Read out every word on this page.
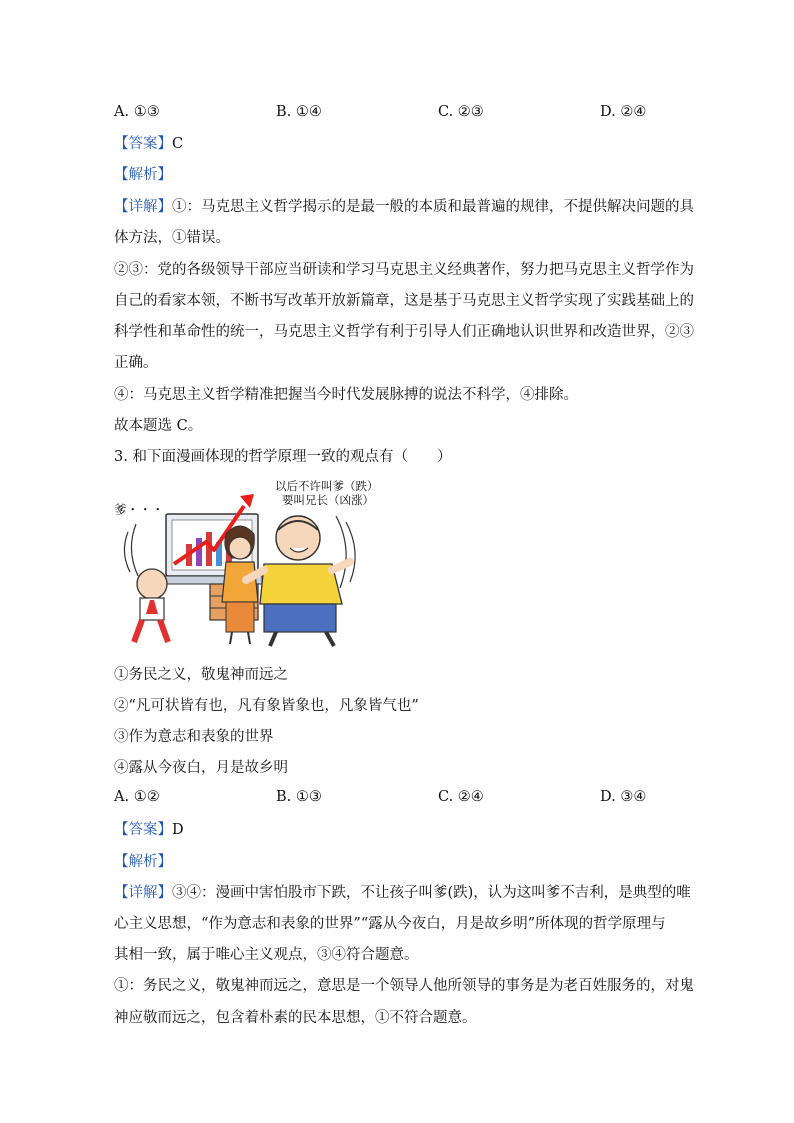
A. ①③	B. ①④	C. ②③	D. ②④
【答案】C
【解析】
【详解】①：马克思主义哲学揭示的是最一般的本质和最普遍的规律，不提供解决问题的具
体方法，①错误。
②③：党的各级领导干部应当研读和学习马克思主义经典著作，努力把马克思主义哲学作为
自己的看家本领，不断书写改革开放新篇章，这是基于马克思主义哲学实现了实践基础上的
科学性和革命性的统一，马克思主义哲学有利于引导人们正确地认识世界和改造世界，②③
正确。
④：马克思主义哲学精准把握当今时代发展脉搏的说法不科学，④排除。
故本题选 C。
3. 和下面漫画体现的哲学原理一致的观点有（　　）
以后不许叫爹（跌）
要叫兄长（凶涨）
爹・・・
①务民之义，敬鬼神而远之
②“凡可状皆有也，凡有象皆象也，凡象皆气也”
③作为意志和表象的世界
④露从今夜白，月是故乡明
A. ①②	B. ①③	C. ②④	D. ③④
【答案】D
【解析】
【详解】③④：漫画中害怕股市下跌，不让孩子叫爹(跌)，认为这叫爹不吉利，是典型的唯
心主义思想，“作为意志和表象的世界”“露从今夜白，月是故乡明”所体现的哲学原理与
其相一致，属于唯心主义观点，③④符合题意。
①：务民之义，敬鬼神而远之，意思是一个领导人他所领导的事务是为老百姓服务的，对鬼
神应敬而远之，包含着朴素的民本思想，①不符合题意。
